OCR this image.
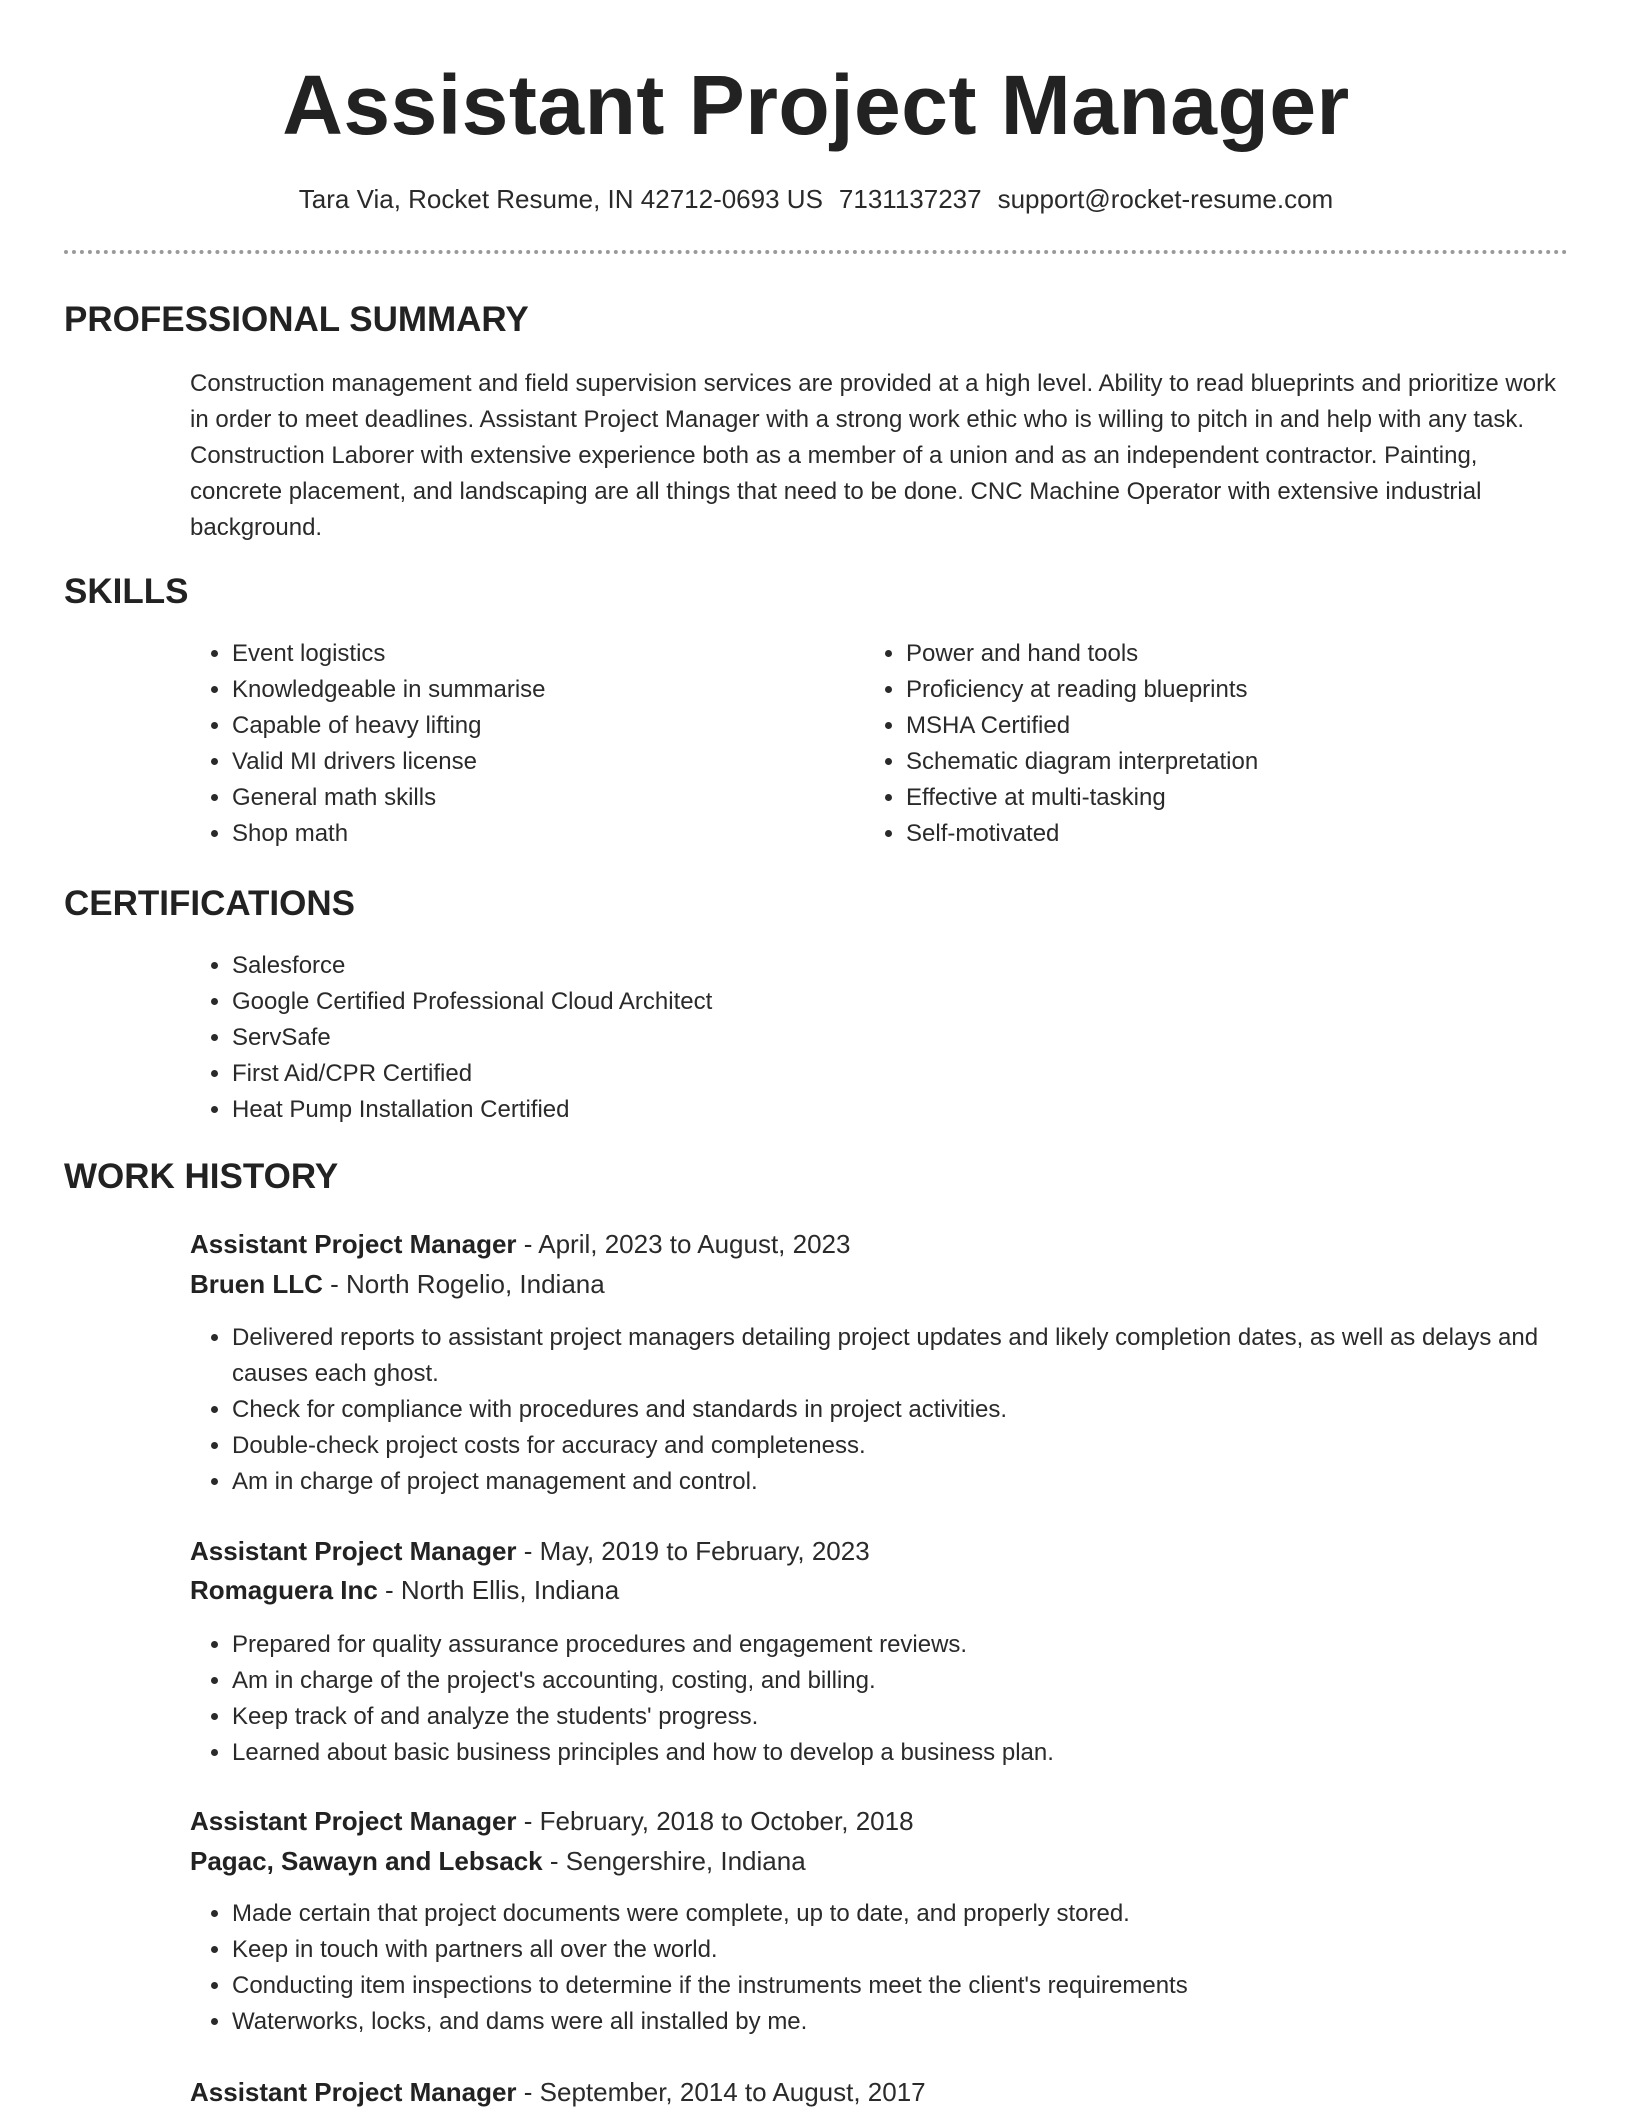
Assistant Project Manager
Tara Via, Rocket Resume, IN 42712-0693 US 7131137237 support@rocket-resume.com
PROFESSIONAL SUMMARY

Construction management and field supervision services are provided at a high level. Ability to read blueprints and prioritize work in order to meet deadlines. Assistant Project Manager with a strong work ethic who is willing to pitch in and help with any task. Construction Laborer with extensive experience both as a member of a union and as an independent contractor. Painting, concrete placement, and landscaping are all things that need to be done. CNC Machine Operator with extensive industrial background.

SKILLS
• Event logistics
• Knowledgeable in summarise
• Capable of heavy lifting
• Valid MI drivers license
• General math skills
• Shop math
• Power and hand tools
• Proficiency at reading blueprints
• MSHA Certified
• Schematic diagram interpretation
• Effective at multi-tasking
• Self-motivated
CERTIFICATIONS
• Salesforce
• Google Certified Professional Cloud Architect
• ServSafe
• First Aid/CPR Certified
• Heat Pump Installation Certified
WORK HISTORY
Assistant Project Manager - April, 2023 to August, 2023
Bruen LLC - North Rogelio, Indiana
• Delivered reports to assistant project managers detailing project updates and likely completion dates, as well as delays and causes each ghost.
• Check for compliance with procedures and standards in project activities.
• Double-check project costs for accuracy and completeness.
• Am in charge of project management and control.
Assistant Project Manager - May, 2019 to February, 2023
Romaguera Inc - North Ellis, Indiana
• Prepared for quality assurance procedures and engagement reviews.
• Am in charge of the project's accounting, costing, and billing.
• Keep track of and analyze the students' progress.
• Learned about basic business principles and how to develop a business plan.
Assistant Project Manager - February, 2018 to October, 2018
Pagac, Sawayn and Lebsack - Sengershire, Indiana
• Made certain that project documents were complete, up to date, and properly stored.
• Keep in touch with partners all over the world.
• Conducting item inspections to determine if the instruments meet the client's requirements
• Waterworks, locks, and dams were all installed by me.
Assistant Project Manager - September, 2014 to August, 2017
